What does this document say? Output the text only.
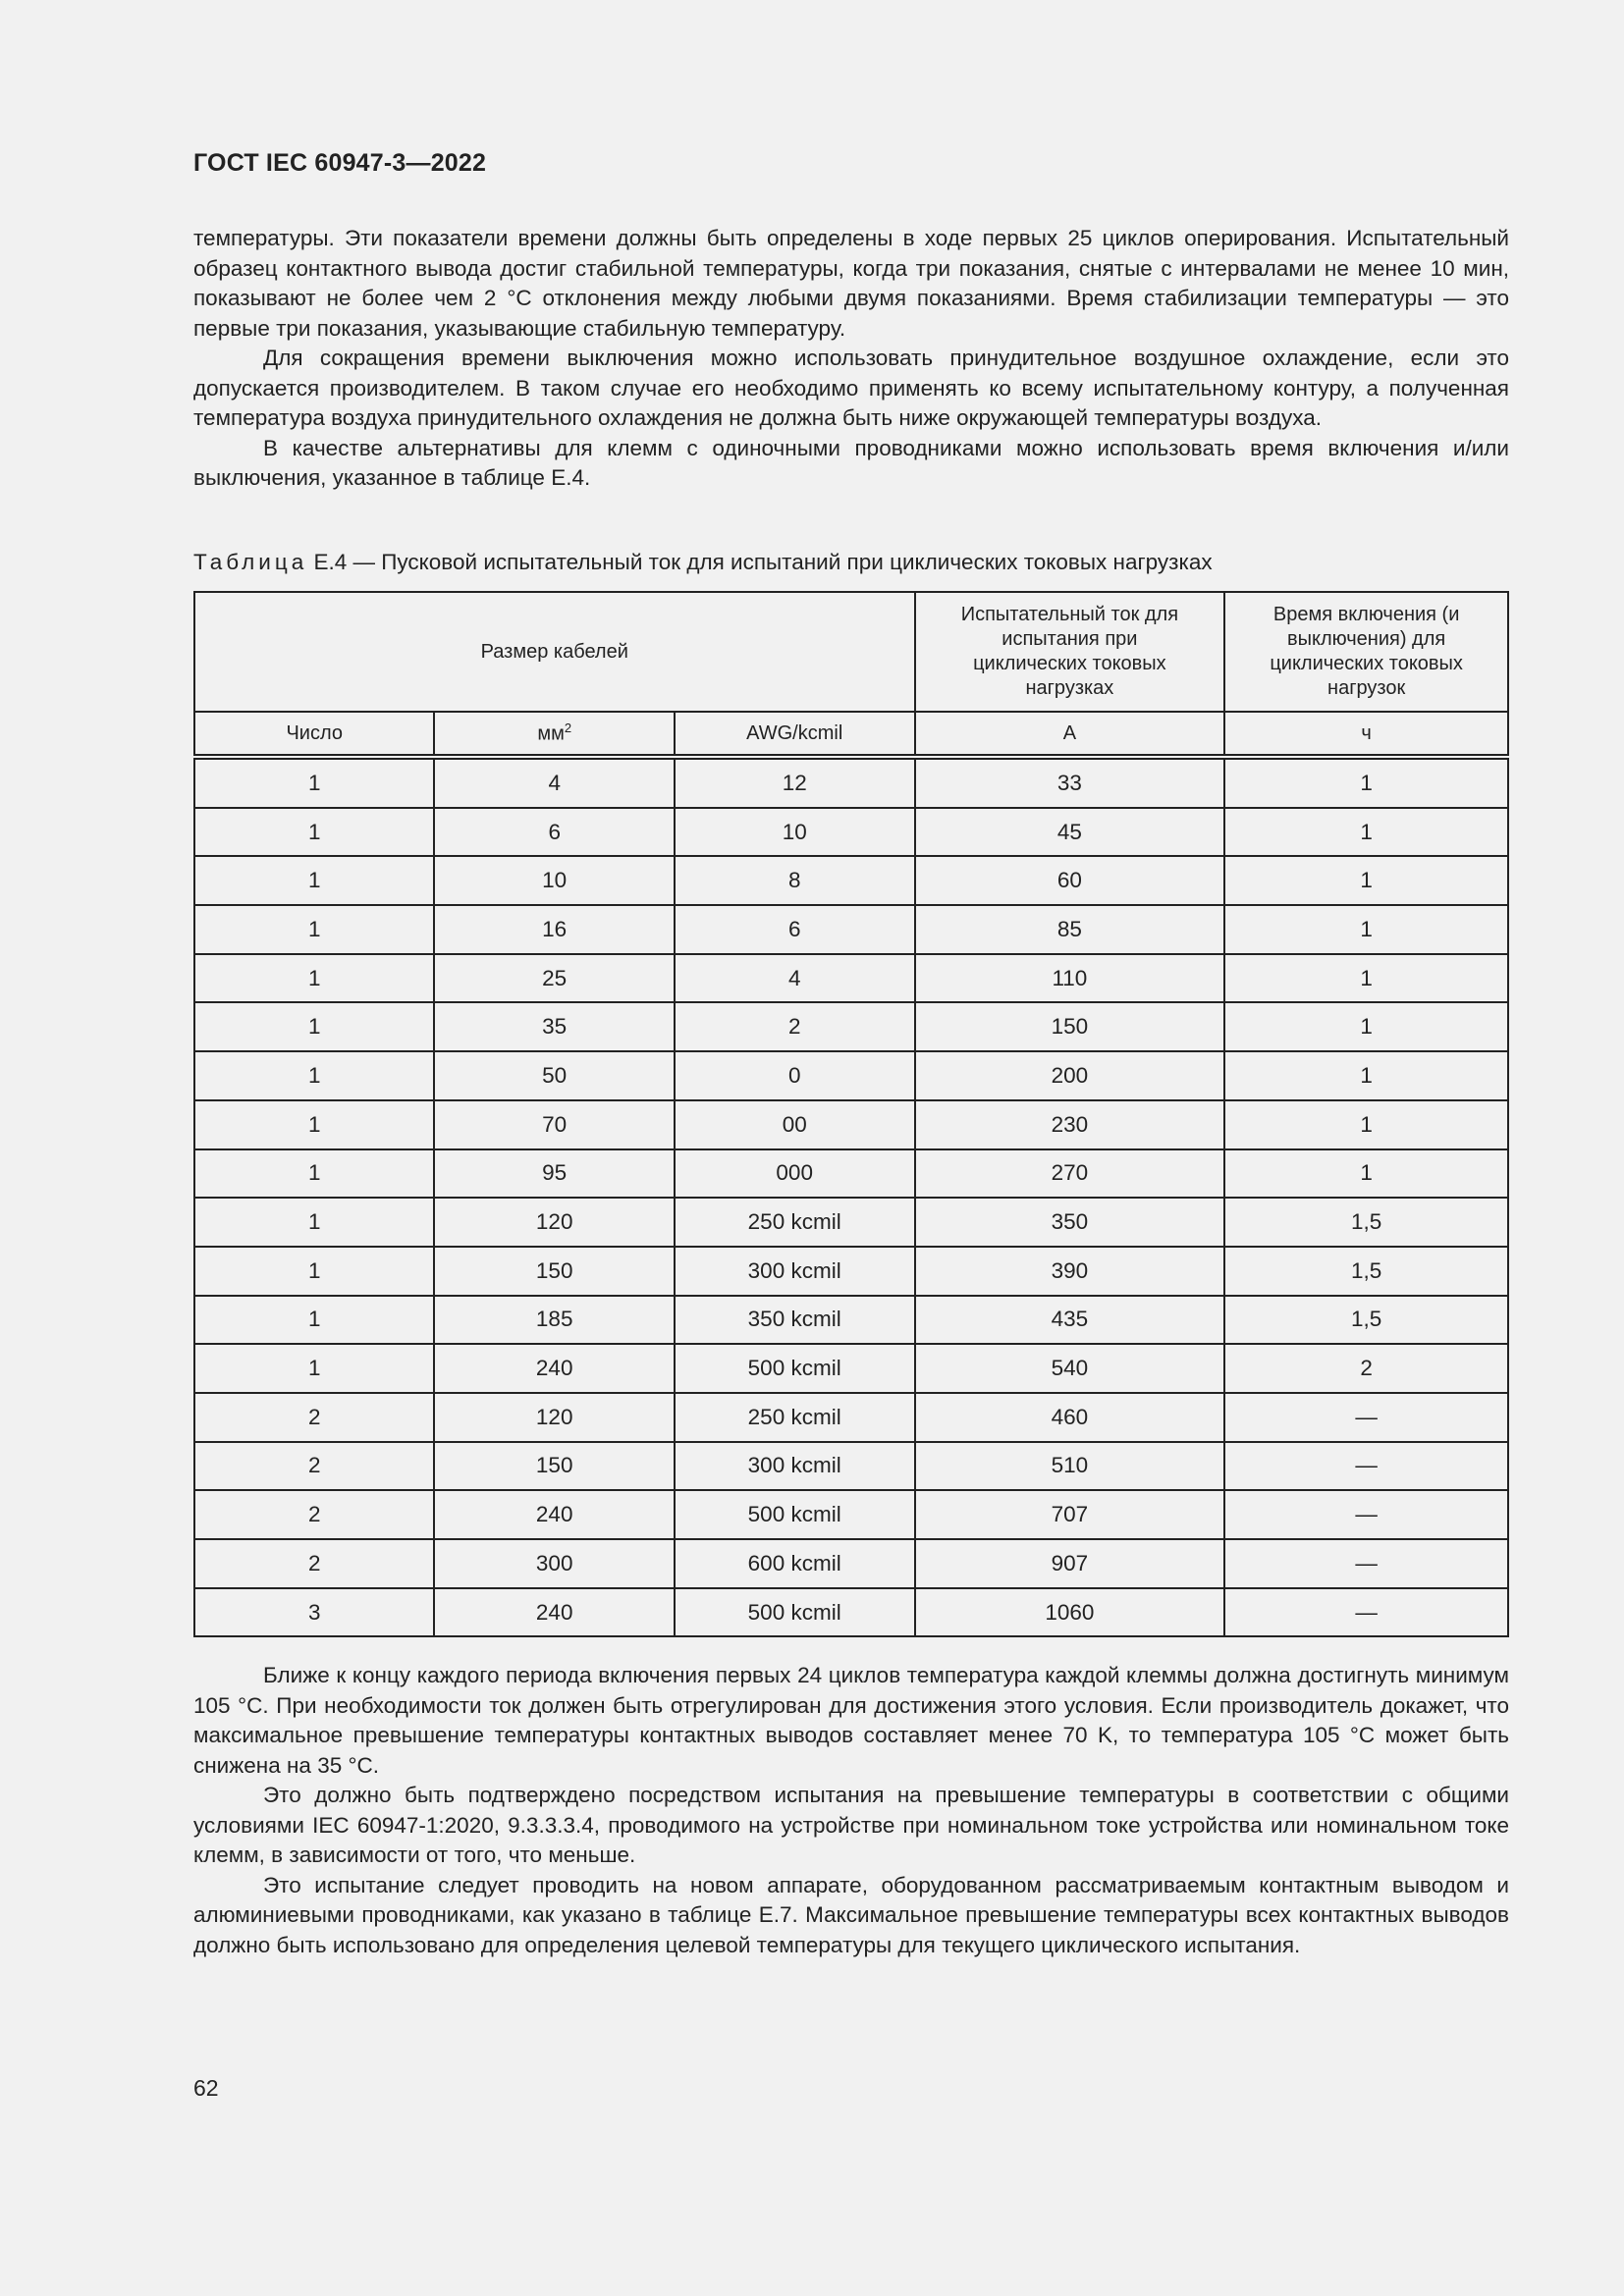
ГОСТ IEC 60947-3—2022

температуры. Эти показатели времени должны быть определены в ходе первых 25 циклов оперирования. Испытательный образец контактного вывода достиг стабильной температуры, когда три показания, снятые с интервалами не менее 10 мин, показывают не более чем 2 °С отклонения между любыми двумя показаниями. Время стабилизации температуры — это первые три показания, указывающие стабильную температуру.

Для сокращения времени выключения можно использовать принудительное воздушное охлаждение, если это допускается производителем. В таком случае его необходимо применять ко всему испытательному контуру, а полученная температура воздуха принудительного охлаждения не должна быть ниже окружающей температуры воздуха.

В качестве альтернативы для клемм с одиночными проводниками можно использовать время включения и/или выключения, указанное в таблице Е.4.

Таблица Е.4 — Пусковой испытательный ток для испытаний при циклических токовых нагрузках
Размер кабелей			Испытательный ток для испытания при циклических токовых нагрузках	Время включения (и выключения) для циклических токовых нагрузок
Число	$мм^2$	AWG/kcmil	А	ч
1	4	12	33	1
1	6	10	45	1
1	10	8	60	1
1	16	6	85	1
1	25	4	110	1
1	35	2	150	1
1	50	0	200	1
1	70	00	230	1
1	95	000	270	1
1	120	250 kcmil	350	1,5
1	150	300 kcmil	390	1,5
1	185	350 kcmil	435	1,5
1	240	500 kcmil	540	2
2	120	250 kcmil	460	—
2	150	300 kcmil	510	—
2	240	500 kcmil	707	—
2	300	600 kcmil	907	—
3	240	500 kcmil	1060	—

Ближе к концу каждого периода включения первых 24 циклов температура каждой клеммы должна достигнуть минимум 105 °С. При необходимости ток должен быть отрегулирован для достижения этого условия. Если производитель докажет, что максимальное превышение температуры контактных выводов составляет менее 70 K, то температура 105 °С может быть снижена на 35 °С.

Это должно быть подтверждено посредством испытания на превышение температуры в соответствии с общими условиями IEC 60947-1:2020, 9.3.3.3.4, проводимого на устройстве при номинальном токе устройства или номинальном токе клемм, в зависимости от того, что меньше.

Это испытание следует проводить на новом аппарате, оборудованном рассматриваемым контактным выводом и алюминиевыми проводниками, как указано в таблице Е.7. Максимальное превышение температуры всех контактных выводов должно быть использовано для определения целевой температуры для текущего циклического испытания.

62
